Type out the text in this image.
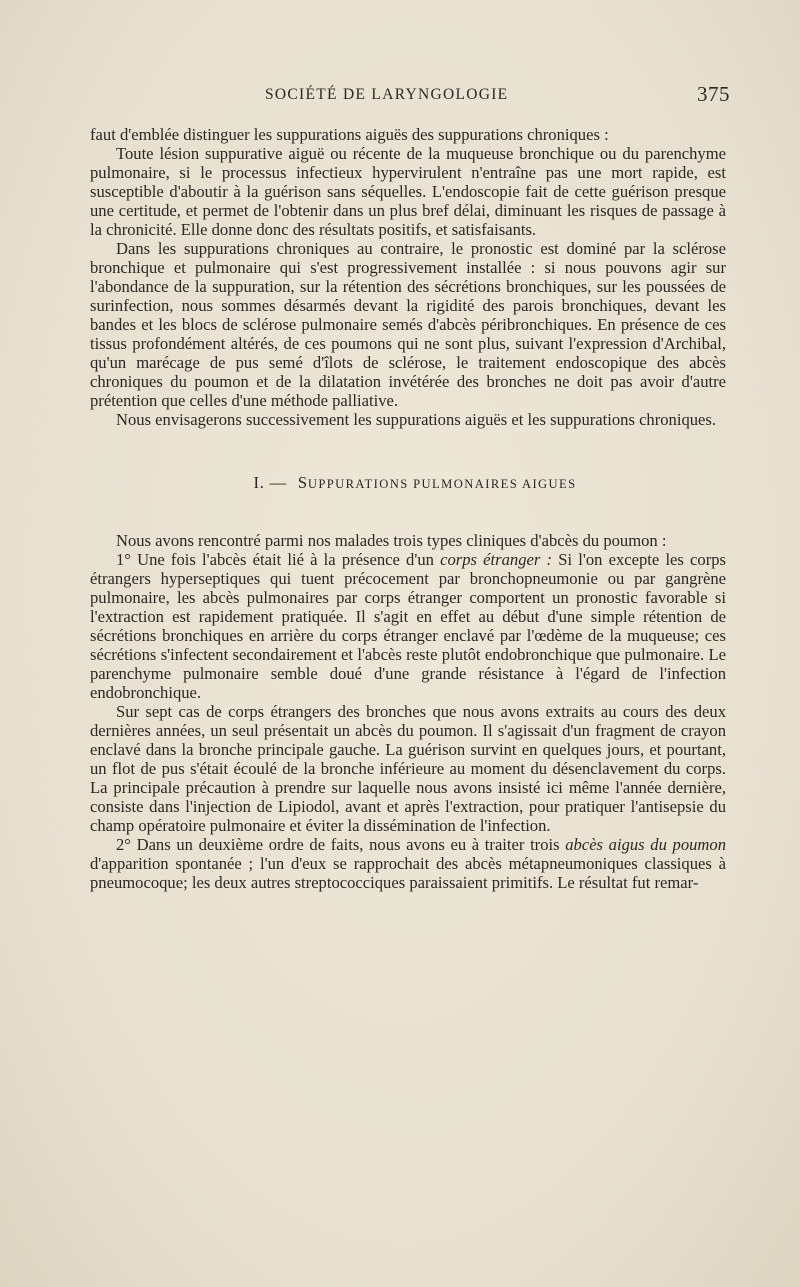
SOCIÉTÉ DE LARYNGOLOGIE	375

faut d'emblée distinguer les suppurations aiguës des suppurations chroniques :

Toute lésion suppurative aiguë ou récente de la muqueuse bronchique ou du parenchyme pulmonaire, si le processus infectieux hypervirulent n'entraîne pas une mort rapide, est susceptible d'aboutir à la guérison sans séquelles. L'endoscopie fait de cette guérison presque une certitude, et permet de l'obtenir dans un plus bref délai, diminuant les risques de passage à la chronicité. Elle donne donc des résultats positifs, et satisfaisants.

Dans les suppurations chroniques au contraire, le pronostic est dominé par la sclérose bronchique et pulmonaire qui s'est progressivement installée : si nous pouvons agir sur l'abondance de la suppuration, sur la rétention des sécrétions bronchiques, sur les poussées de surinfection, nous sommes désarmés devant la rigidité des parois bronchiques, devant les bandes et les blocs de sclérose pulmonaire semés d'abcès péribronchiques. En présence de ces tissus profondément altérés, de ces poumons qui ne sont plus, suivant l'expression d'Archibal, qu'un marécage de pus semé d'îlots de sclérose, le traitement endoscopique des abcès chroniques du poumon et de la dilatation invétérée des bronches ne doit pas avoir d'autre prétention que celles d'une méthode palliative.

Nous envisagerons successivement les suppurations aiguës et les suppurations chroniques.

I. — SUPPURATIONS PULMONAIRES AIGUES

Nous avons rencontré parmi nos malades trois types cliniques d'abcès du poumon :

1° Une fois l'abcès était lié à la présence d'un corps étranger : Si l'on excepte les corps étrangers hyperseptiques qui tuent précocement par bronchopneumonie ou par gangrène pulmonaire, les abcès pulmonaires par corps étranger comportent un pronostic favorable si l'extraction est rapidement pratiquée. Il s'agit en effet au début d'une simple rétention de sécrétions bronchiques en arrière du corps étranger enclavé par l'œdème de la muqueuse; ces sécrétions s'infectent secondairement et l'abcès reste plutôt endobronchique que pulmonaire. Le parenchyme pulmonaire semble doué d'une grande résistance à l'égard de l'infection endobronchique.

Sur sept cas de corps étrangers des bronches que nous avons extraits au cours des deux dernières années, un seul présentait un abcès du poumon. Il s'agissait d'un fragment de crayon enclavé dans la bronche principale gauche. La guérison survint en quelques jours, et pourtant, un flot de pus s'était écoulé de la bronche inférieure au moment du désenclavement du corps. La principale précaution à prendre sur laquelle nous avons insisté ici même l'année dernière, consiste dans l'injection de Lipiodol, avant et après l'extraction, pour pratiquer l'antisepsie du champ opératoire pulmonaire et éviter la dissémination de l'infection.

2° Dans un deuxième ordre de faits, nous avons eu à traiter trois abcès aigus du poumon d'apparition spontanée ; l'un d'eux se rapprochait des abcès métapneumoniques classiques à pneumocoque; les deux autres streptococciques paraissaient primitifs. Le résultat fut remar-
